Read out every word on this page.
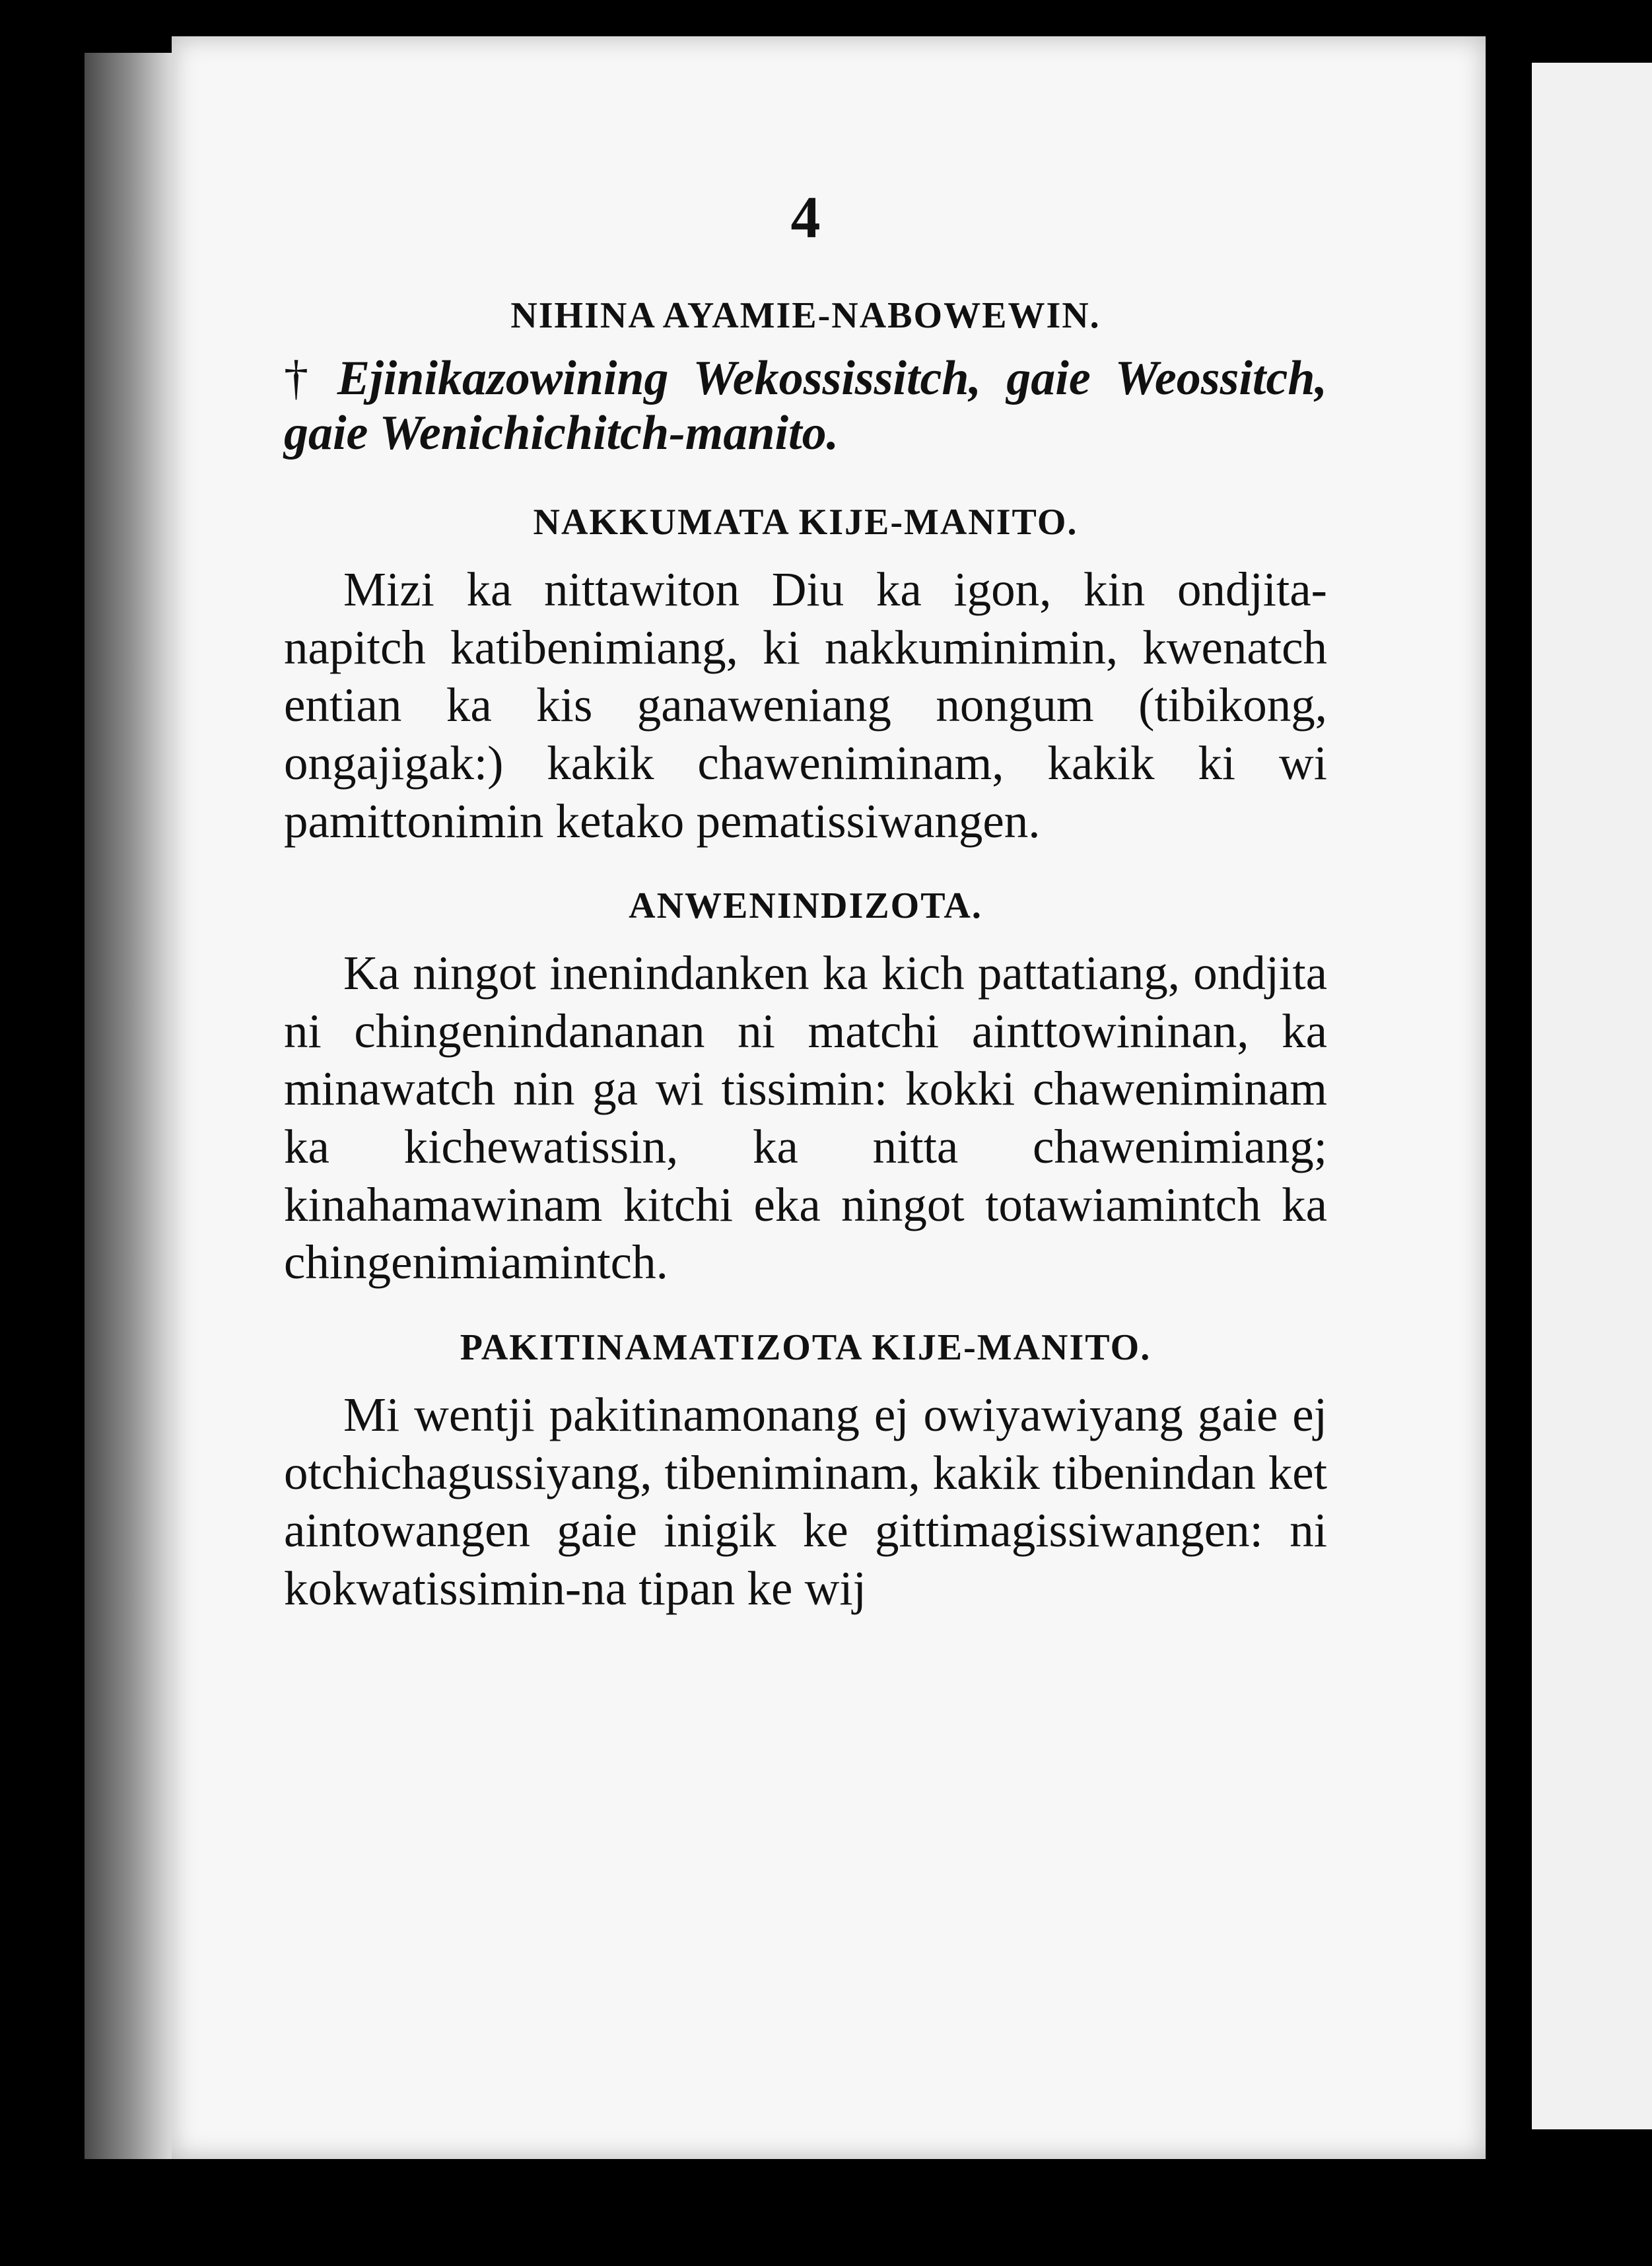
4
NIHINA AYAMIE-NABOWEWIN.
† Ejinikazowining Wekossissitch, gaie Weossitch, gaie Wenichichitch-manito.
NAKKUMATA KIJE-MANITO.

Mizi ka nittawiton Diu ka igon, kin ondjita-napitch katibenimiang, ki nakkuminimin, kwenatch entian ka kis ganaweniang nongum (tibikong, ongajigak:) kakik chaweniminam, kakik ki wi pamittonimin ketako pematissiwangen.

ANWENINDIZOTA.

Ka ningot inenindanken ka kich pattatiang, ondjita ni chingenindananan ni matchi ainttowininan, ka minawatch nin ga wi tissimin: kokki chaweniminam ka kichewatissin, ka nitta chawenimiang; kinahamawinam kitchi eka ningot totawiamintch ka chingenimiamintch.

PAKITINAMATIZOTA KIJE-MANITO.

Mi wentji pakitinamonang ej owiyawiyang gaie ej otchichagussiyang, tibeniminam, kakik tibenindan ket aintowangen gaie inigik ke gittimagissiwangen: ni kokwatissimin-na tipan ke wij
